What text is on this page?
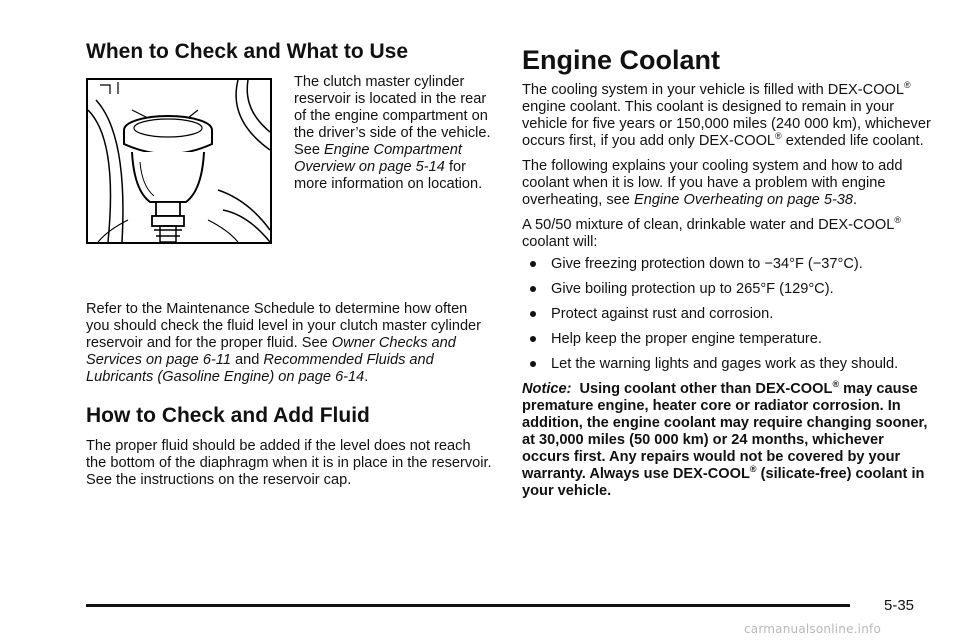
When to Check and What to Use

The clutch master cylinder reservoir is located in the rear of the engine compartment on the driver’s side of the vehicle. See Engine Compartment Overview on page 5-14 for more information on location.

Refer to the Maintenance Schedule to determine how often you should check the fluid level in your clutch master cylinder reservoir and for the proper fluid. See Owner Checks and Services on page 6-11 and Recommended Fluids and Lubricants (Gasoline Engine) on page 6-14.

How to Check and Add Fluid

The proper fluid should be added if the level does not reach the bottom of the diaphragm when it is in place in the reservoir. See the instructions on the reservoir cap.

Engine Coolant

The cooling system in your vehicle is filled with DEX-COOL® engine coolant. This coolant is designed to remain in your vehicle for five years or 150,000 miles (240 000 km), whichever occurs first, if you add only DEX-COOL® extended life coolant.

The following explains your cooling system and how to add coolant when it is low. If you have a problem with engine overheating, see Engine Overheating on page 5-38.

A 50/50 mixture of clean, drinkable water and DEX-COOL® coolant will:

Give freezing protection down to −34°F (−37°C).
Give boiling protection up to 265°F (129°C).
Protect against rust and corrosion.
Help keep the proper engine temperature.
Let the warning lights and gages work as they should.

Notice: Using coolant other than DEX-COOL® may cause premature engine, heater core or radiator corrosion. In addition, the engine coolant may require changing sooner, at 30,000 miles (50 000 km) or 24 months, whichever occurs first. Any repairs would not be covered by your warranty. Always use DEX-COOL® (silicate-free) coolant in your vehicle.

5-35
carmanualsonline.info
